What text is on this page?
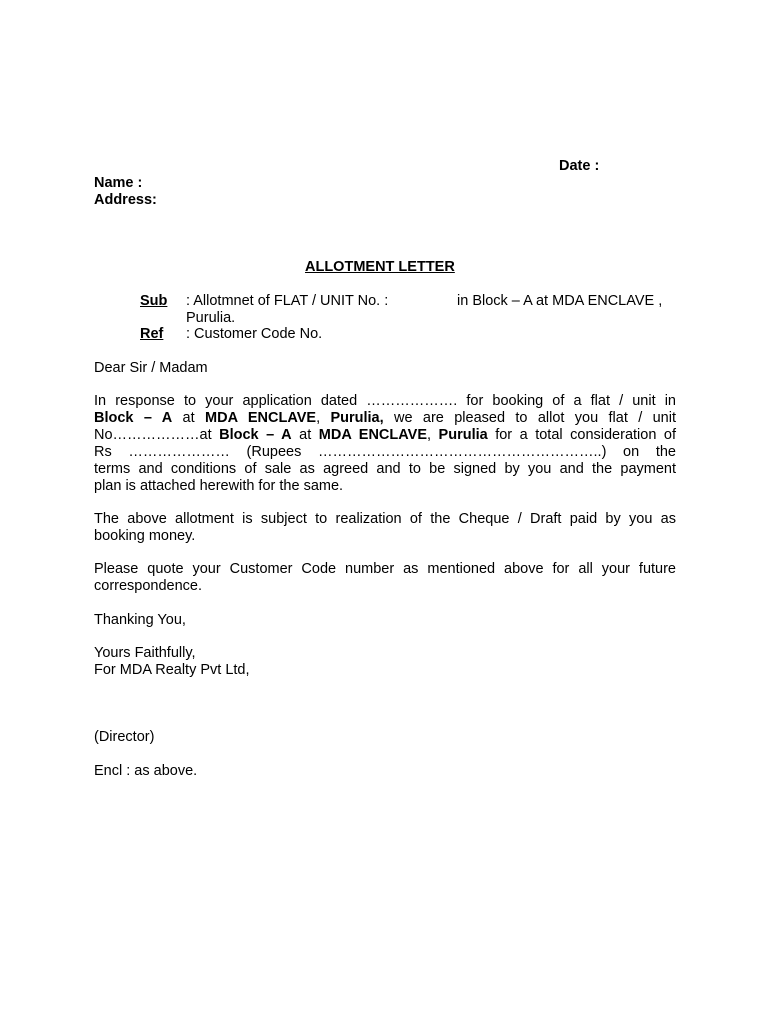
Date :
Name :
Address:
ALLOTMENT LETTER
Sub : Allotmnet of FLAT / UNIT No. :	in Block – A at MDA ENCLAVE ,
Purulia.
Ref : Customer Code No.
Dear Sir / Madam
In response to your application dated ………………. for booking of a flat / unit in
Block – A at MDA ENCLAVE, Purulia, we are pleased to allot you flat / unit
No………………at Block – A at MDA ENCLAVE, Purulia for a total consideration of
Rs ………………… (Rupees …………………………………………………..) on the
terms and conditions of sale as agreed and to be signed by you and the payment
plan is attached herewith for the same.
The above allotment is subject to realization of the Cheque / Draft paid by you as
booking money.
Please quote your Customer Code number as mentioned above for all your future
correspondence.
Thanking You,
Yours Faithfully,
For MDA Realty Pvt Ltd,
(Director)
Encl : as above.
